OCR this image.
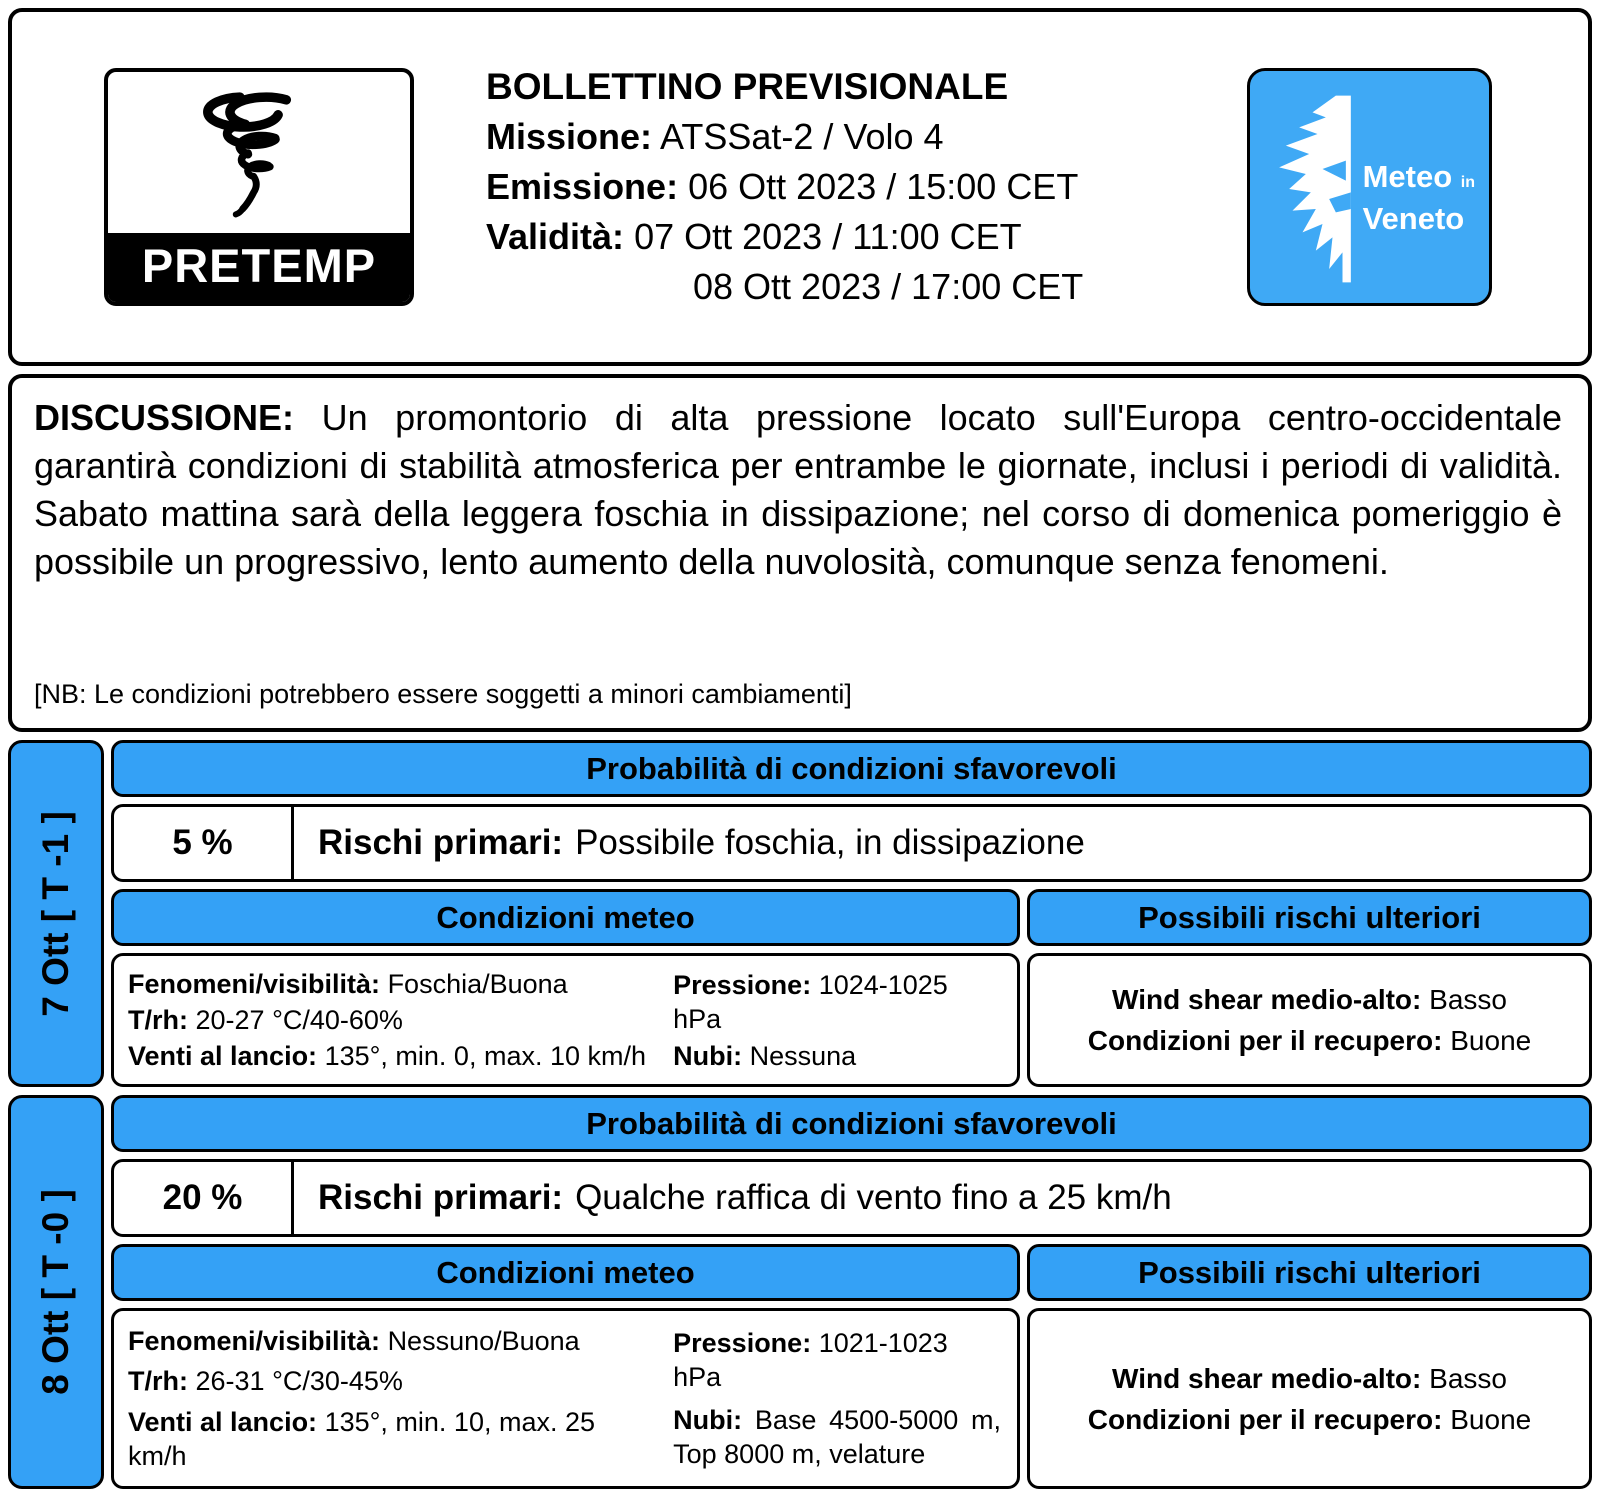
PRETEMP
BOLLETTINO PREVISIONALE
Missione: ATSSat-2 / Volo 4
Emissione: 06 Ott 2023 / 15:00 CET
Validità: 07 Ott 2023 / 11:00 CET
08 Ott 2023 / 17:00 CET
Meteo in
Veneto

DISCUSSIONE: Un promontorio di alta pressione locato sull'Europa centro-occidentale garantirà condizioni di stabilità atmosferica per entrambe le giornate, inclusi i periodi di validità. Sabato mattina sarà della leggera foschia in dissipazione; nel corso di domenica pomeriggio è possibile un progressivo, lento aumento della nuvolosità, comunque senza fenomeni.

[NB: Le condizioni potrebbero essere soggetti a minori cambiamenti]

7 Ott [ T -1 ]
Probabilità di condizioni sfavorevoli
5 %	Rischi primari: Possibile foschia, in dissipazione
Condizioni meteo	Possibili rischi ulteriori
Fenomeni/visibilità: Foschia/Buona
T/rh: 20-27 °C/40-60%
Venti al lancio: 135°, min. 0, max. 10 km/h
Pressione: 1024-1025 hPa
Nubi: Nessuna
Wind shear medio-alto: Basso
Condizioni per il recupero: Buone
8 Ott [ T -0 ]
Probabilità di condizioni sfavorevoli
20 %	Rischi primari: Qualche raffica di vento fino a 25 km/h
Condizioni meteo	Possibili rischi ulteriori
Fenomeni/visibilità: Nessuno/Buona
T/rh: 26-31 °C/30-45%
Venti al lancio: 135°, min. 10, max. 25 km/h
Pressione: 1021-1023 hPa
Nubi: Base 4500-5000 m, Top 8000 m, velature
Wind shear medio-alto: Basso
Condizioni per il recupero: Buone
